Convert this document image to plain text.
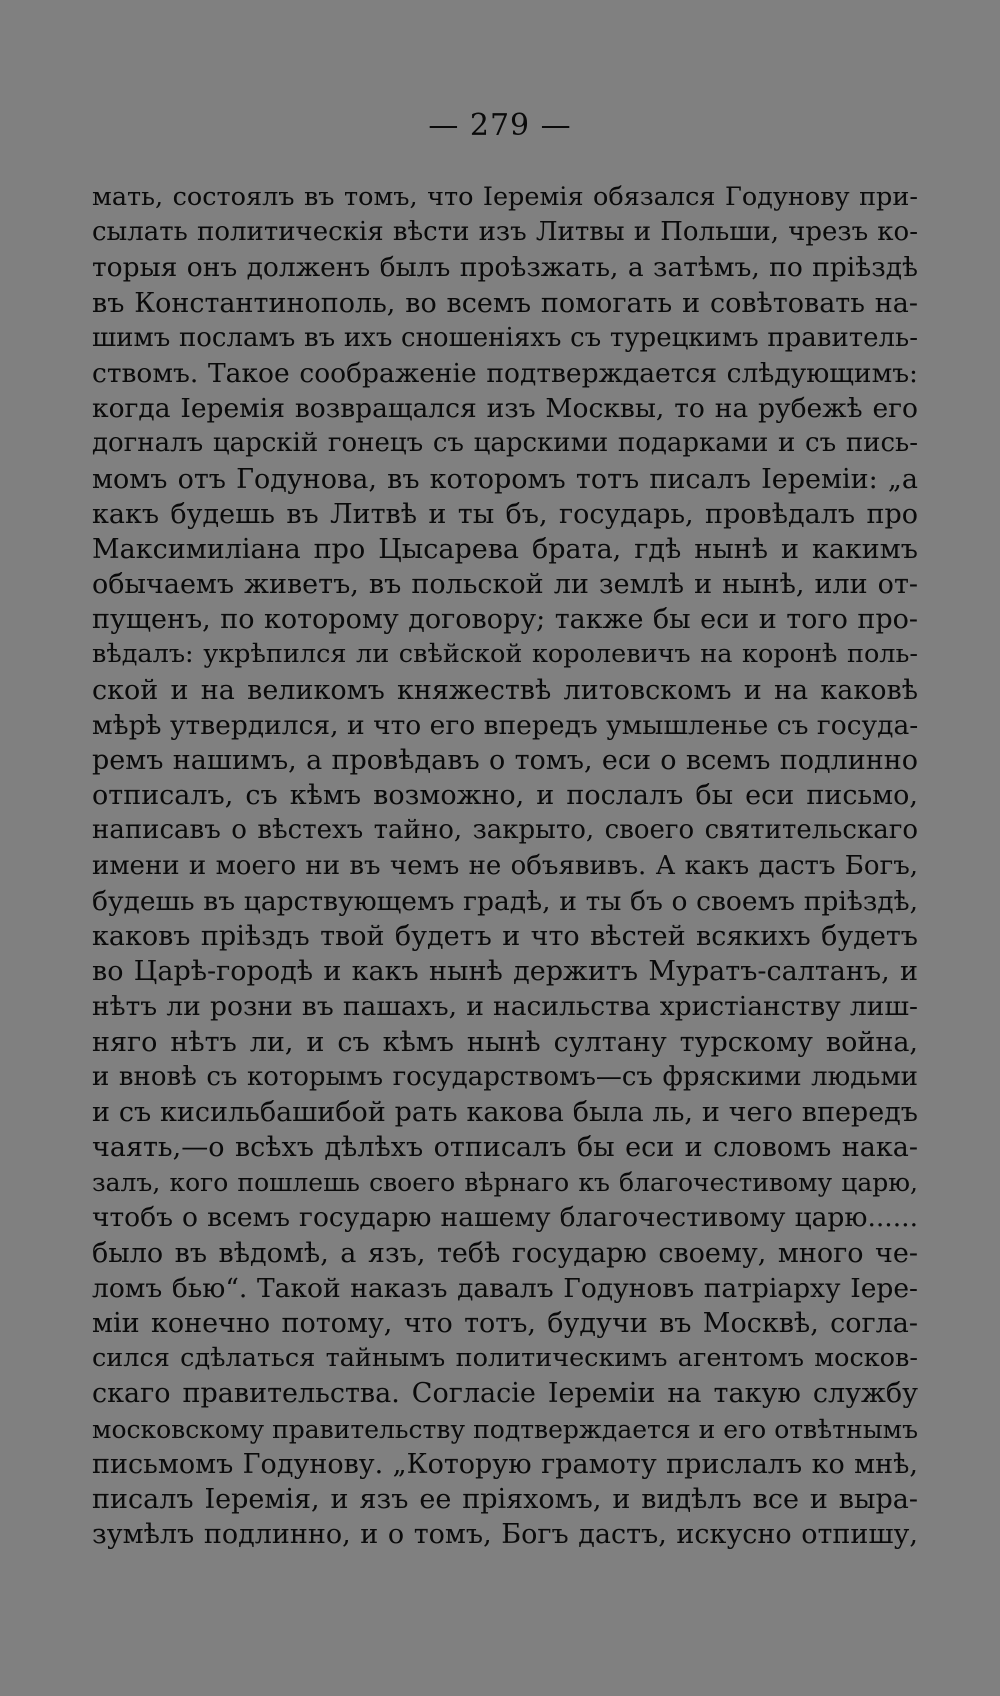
— 279 —
мать, состоялъ въ томъ, что Іеремія обязался Годунову при-
сылать политическія вѣсти изъ Литвы и Польши, чрезъ ко-
торыя онъ долженъ былъ проѣзжать, а затѣмъ, по пріѣздѣ
въ Константинополь, во всемъ помогать и совѣтовать на-
шимъ посламъ въ ихъ сношеніяхъ съ турецкимъ правитель-
ствомъ. Такое соображеніе подтверждается слѣдующимъ:
когда Іеремія возвращался изъ Москвы, то на рубежѣ его
догналъ царскій гонецъ съ царскими подарками и съ пись-
момъ отъ Годунова, въ которомъ тотъ писалъ Іереміи: „а
какъ будешь въ Литвѣ и ты бъ, государь, провѣдалъ про
Максимиліана про Цысарева брата, гдѣ нынѣ и какимъ
обычаемъ живетъ, въ польской ли землѣ и нынѣ, или от-
пущенъ, по которому договору; также бы еси и того про-
вѣдалъ: укрѣпился ли свѣйской королевичъ на коронѣ поль-
ской и на великомъ княжествѣ литовскомъ и на каковѣ
мѣрѣ утвердился, и что его впередъ умышленье съ госуда-
ремъ нашимъ, а провѣдавъ о томъ, еси о всемъ подлинно
отписалъ, съ кѣмъ возможно, и послалъ бы еси письмо,
написавъ о вѣстехъ тайно, закрыто, своего святительскаго
имени и моего ни въ чемъ не объявивъ. А какъ дастъ Богъ,
будешь въ царствующемъ градѣ, и ты бъ о своемъ пріѣздѣ,
каковъ пріѣздъ твой будетъ и что вѣстей всякихъ будетъ
во Царѣ-городѣ и какъ нынѣ держитъ Муратъ-салтанъ, и
нѣтъ ли розни въ пашахъ, и насильства христіанству лиш-
няго нѣтъ ли, и съ кѣмъ нынѣ султану турскому война,
и вновѣ съ которымъ государствомъ—съ фряскими людьми
и съ кисильбашибой рать какова была ль, и чего впередъ
чаять,—о всѣхъ дѣлѣхъ отписалъ бы еси и словомъ нака-
залъ, кого пошлешь своего вѣрнаго къ благочестивому царю,
чтобъ о всемъ государю нашему благочестивому царю......
было въ вѣдомѣ, а язъ, тебѣ государю своему, много че-
ломъ бью“. Такой наказъ давалъ Годуновъ патріарху Іере-
міи конечно потому, что тотъ, будучи въ Москвѣ, согла-
сился сдѣлаться тайнымъ политическимъ агентомъ москов-
скаго правительства. Согласіе Іереміи на такую службу
московскому правительству подтверждается и его отвѣтнымъ
письмомъ Годунову. „Которую грамоту прислалъ ко мнѣ,
писалъ Іеремія, и язъ ее пріяхомъ, и видѣлъ все и выра-
зумѣлъ подлинно, и о томъ, Богъ дастъ, искусно отпишу,
